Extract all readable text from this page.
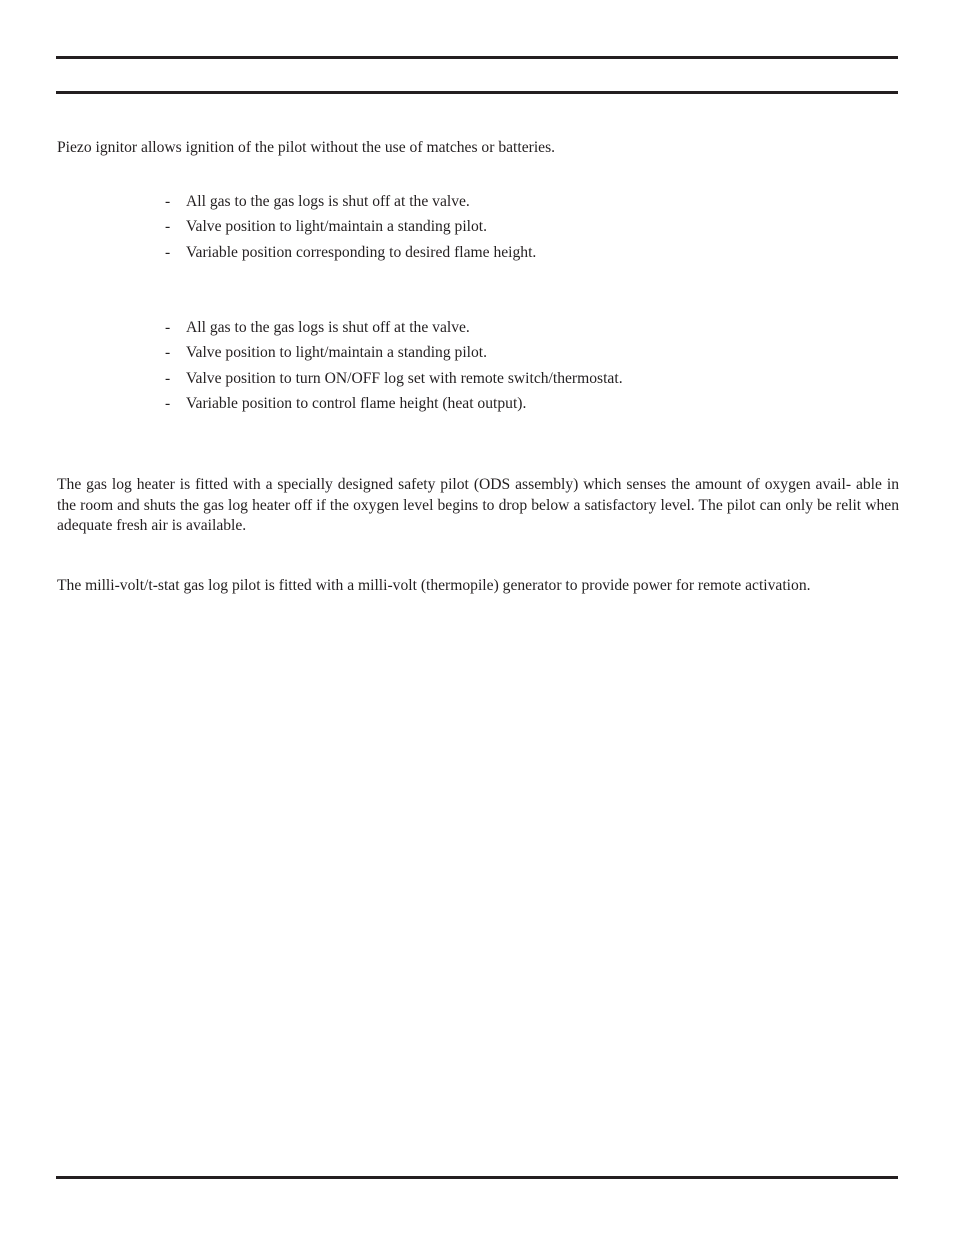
Piezo ignitor allows ignition of the pilot without the use of matches or batteries.

- All gas to the gas logs is shut off at the valve.
- Valve position to light/maintain a standing pilot.
- Variable position corresponding to desired flame height.
- All gas to the gas logs is shut off at the valve.
- Valve position to light/maintain a standing pilot.
- Valve position to turn ON/OFF log set with remote switch/thermostat.
- Variable position to control flame height (heat output).

The gas log heater is fitted with a specially designed safety pilot (ODS assembly) which senses the amount of oxygen avail- able in the room and shuts the gas log heater off if the oxygen level begins to drop below a satisfactory level. The pilot can only be relit when adequate fresh air is available.

The milli-volt/t-stat gas log pilot is fitted with a milli-volt (thermopile) generator to provide power for remote activation.
